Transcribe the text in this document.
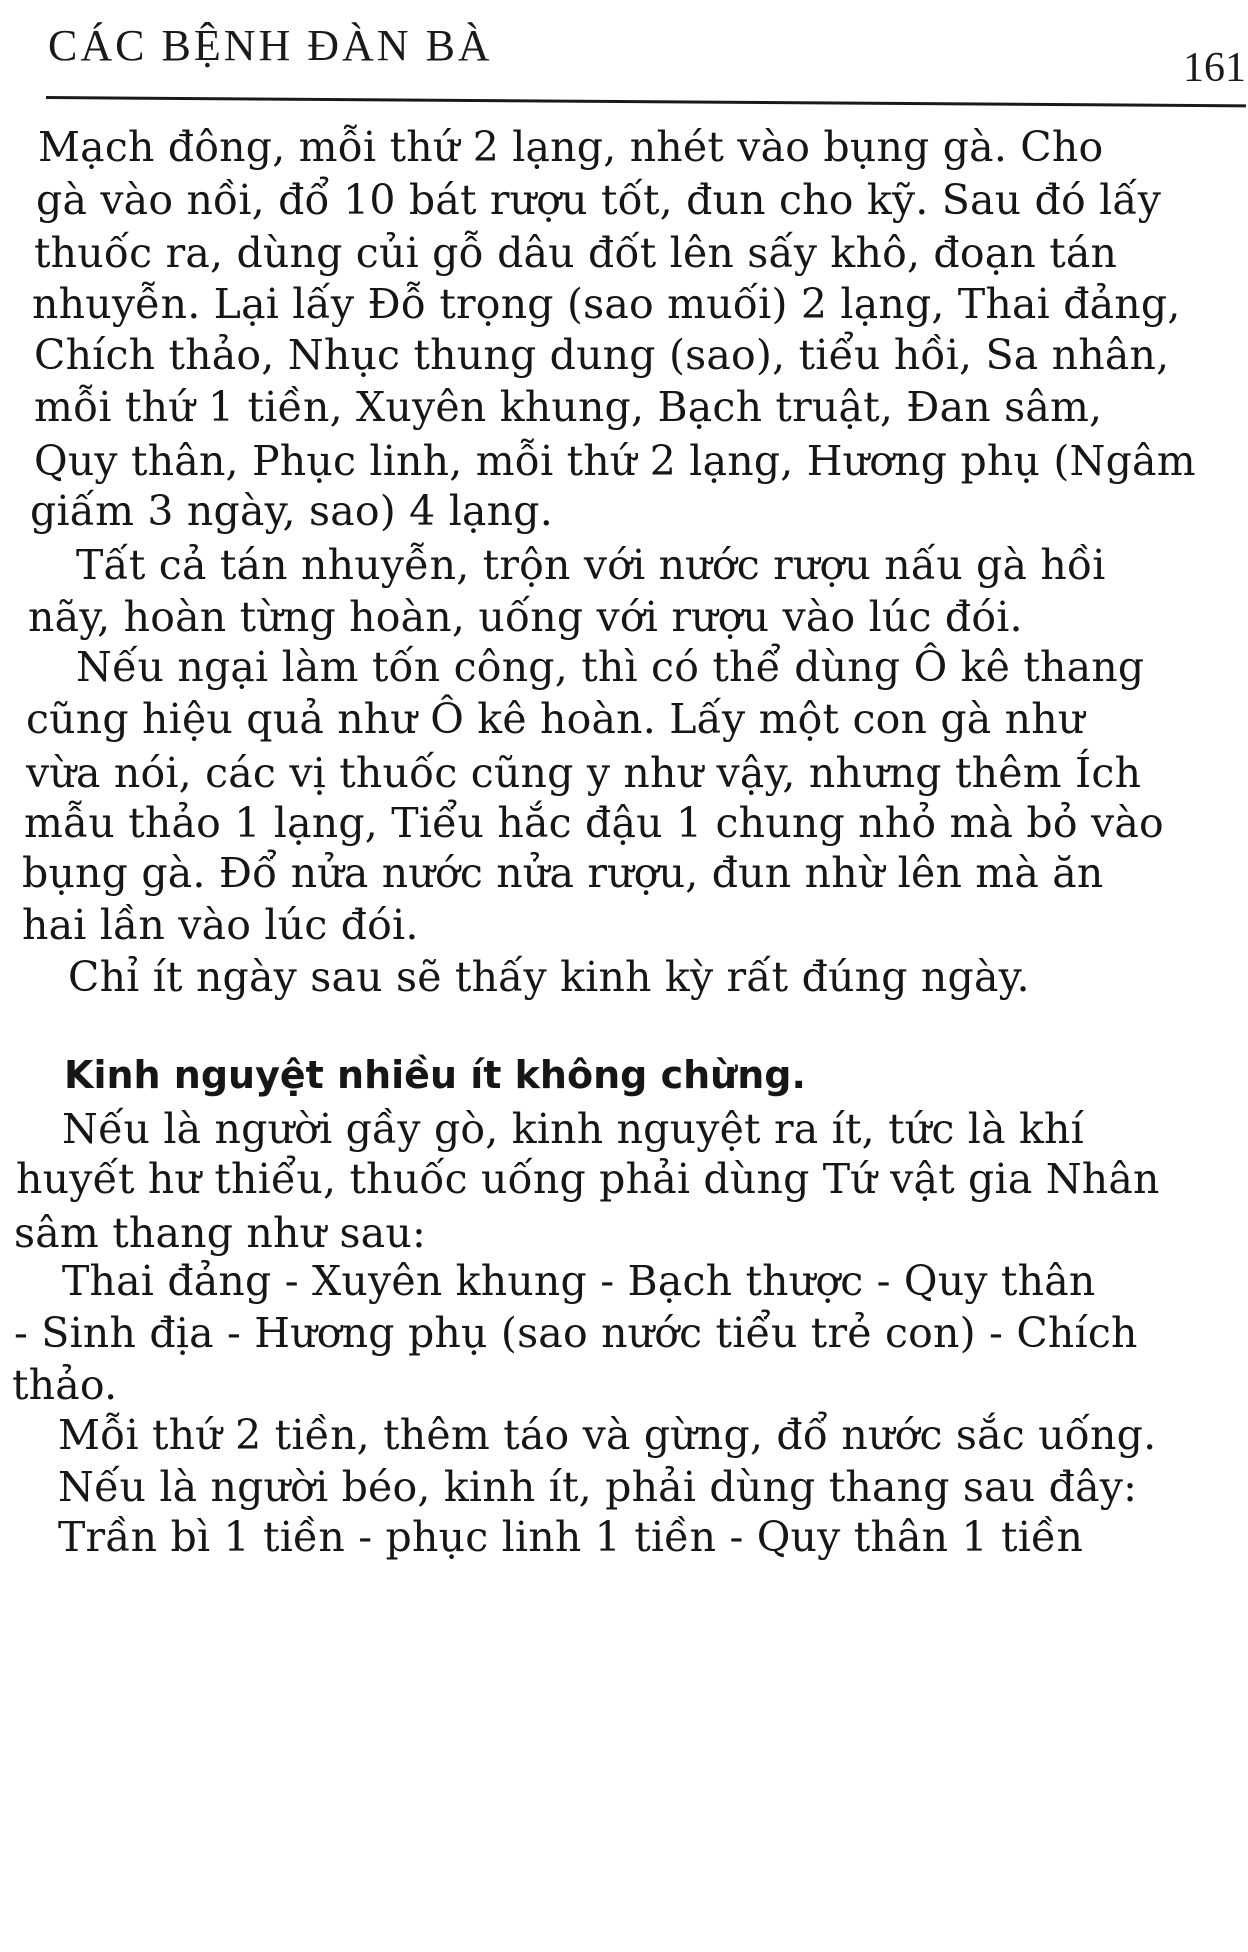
CÁC BỆNH ĐÀN BÀ	161
Mạch đông, mỗi thứ 2 lạng, nhét vào bụng gà. Cho
gà vào nồi, đổ 10 bát rượu tốt, đun cho kỹ. Sau đó lấy
thuốc ra, dùng củi gỗ dâu đốt lên sấy khô, đoạn tán
nhuyễn. Lại lấy Đỗ trọng (sao muối) 2 lạng, Thai đảng,
Chích thảo, Nhục thung dung (sao), tiểu hồi, Sa nhân,
mỗi thứ 1 tiền, Xuyên khung, Bạch truật, Đan sâm,
Quy thân, Phục linh, mỗi thứ 2 lạng, Hương phụ (Ngâm
giấm 3 ngày, sao) 4 lạng.
Tất cả tán nhuyễn, trộn với nước rượu nấu gà hồi
nãy, hoàn từng hoàn, uống với rượu vào lúc đói.
Nếu ngại làm tốn công, thì có thể dùng Ô kê thang
cũng hiệu quả như Ô kê hoàn. Lấy một con gà như
vừa nói, các vị thuốc cũng y như vậy, nhưng thêm Ích
mẫu thảo 1 lạng, Tiểu hắc đậu 1 chung nhỏ mà bỏ vào
bụng gà. Đổ nửa nước nửa rượu, đun nhừ lên mà ăn
hai lần vào lúc đói.
Chỉ ít ngày sau sẽ thấy kinh kỳ rất đúng ngày.
Kinh nguyệt nhiều ít không chừng.
Nếu là người gầy gò, kinh nguyệt ra ít, tức là khí
huyết hư thiểu, thuốc uống phải dùng Tứ vật gia Nhân
sâm thang như sau:
Thai đảng - Xuyên khung - Bạch thược - Quy thân
- Sinh địa - Hương phụ (sao nước tiểu trẻ con) - Chích
thảo.
Mỗi thứ 2 tiền, thêm táo và gừng, đổ nước sắc uống.
Nếu là người béo, kinh ít, phải dùng thang sau đây:
Trần bì 1 tiền - phục linh 1 tiền - Quy thân 1 tiền
